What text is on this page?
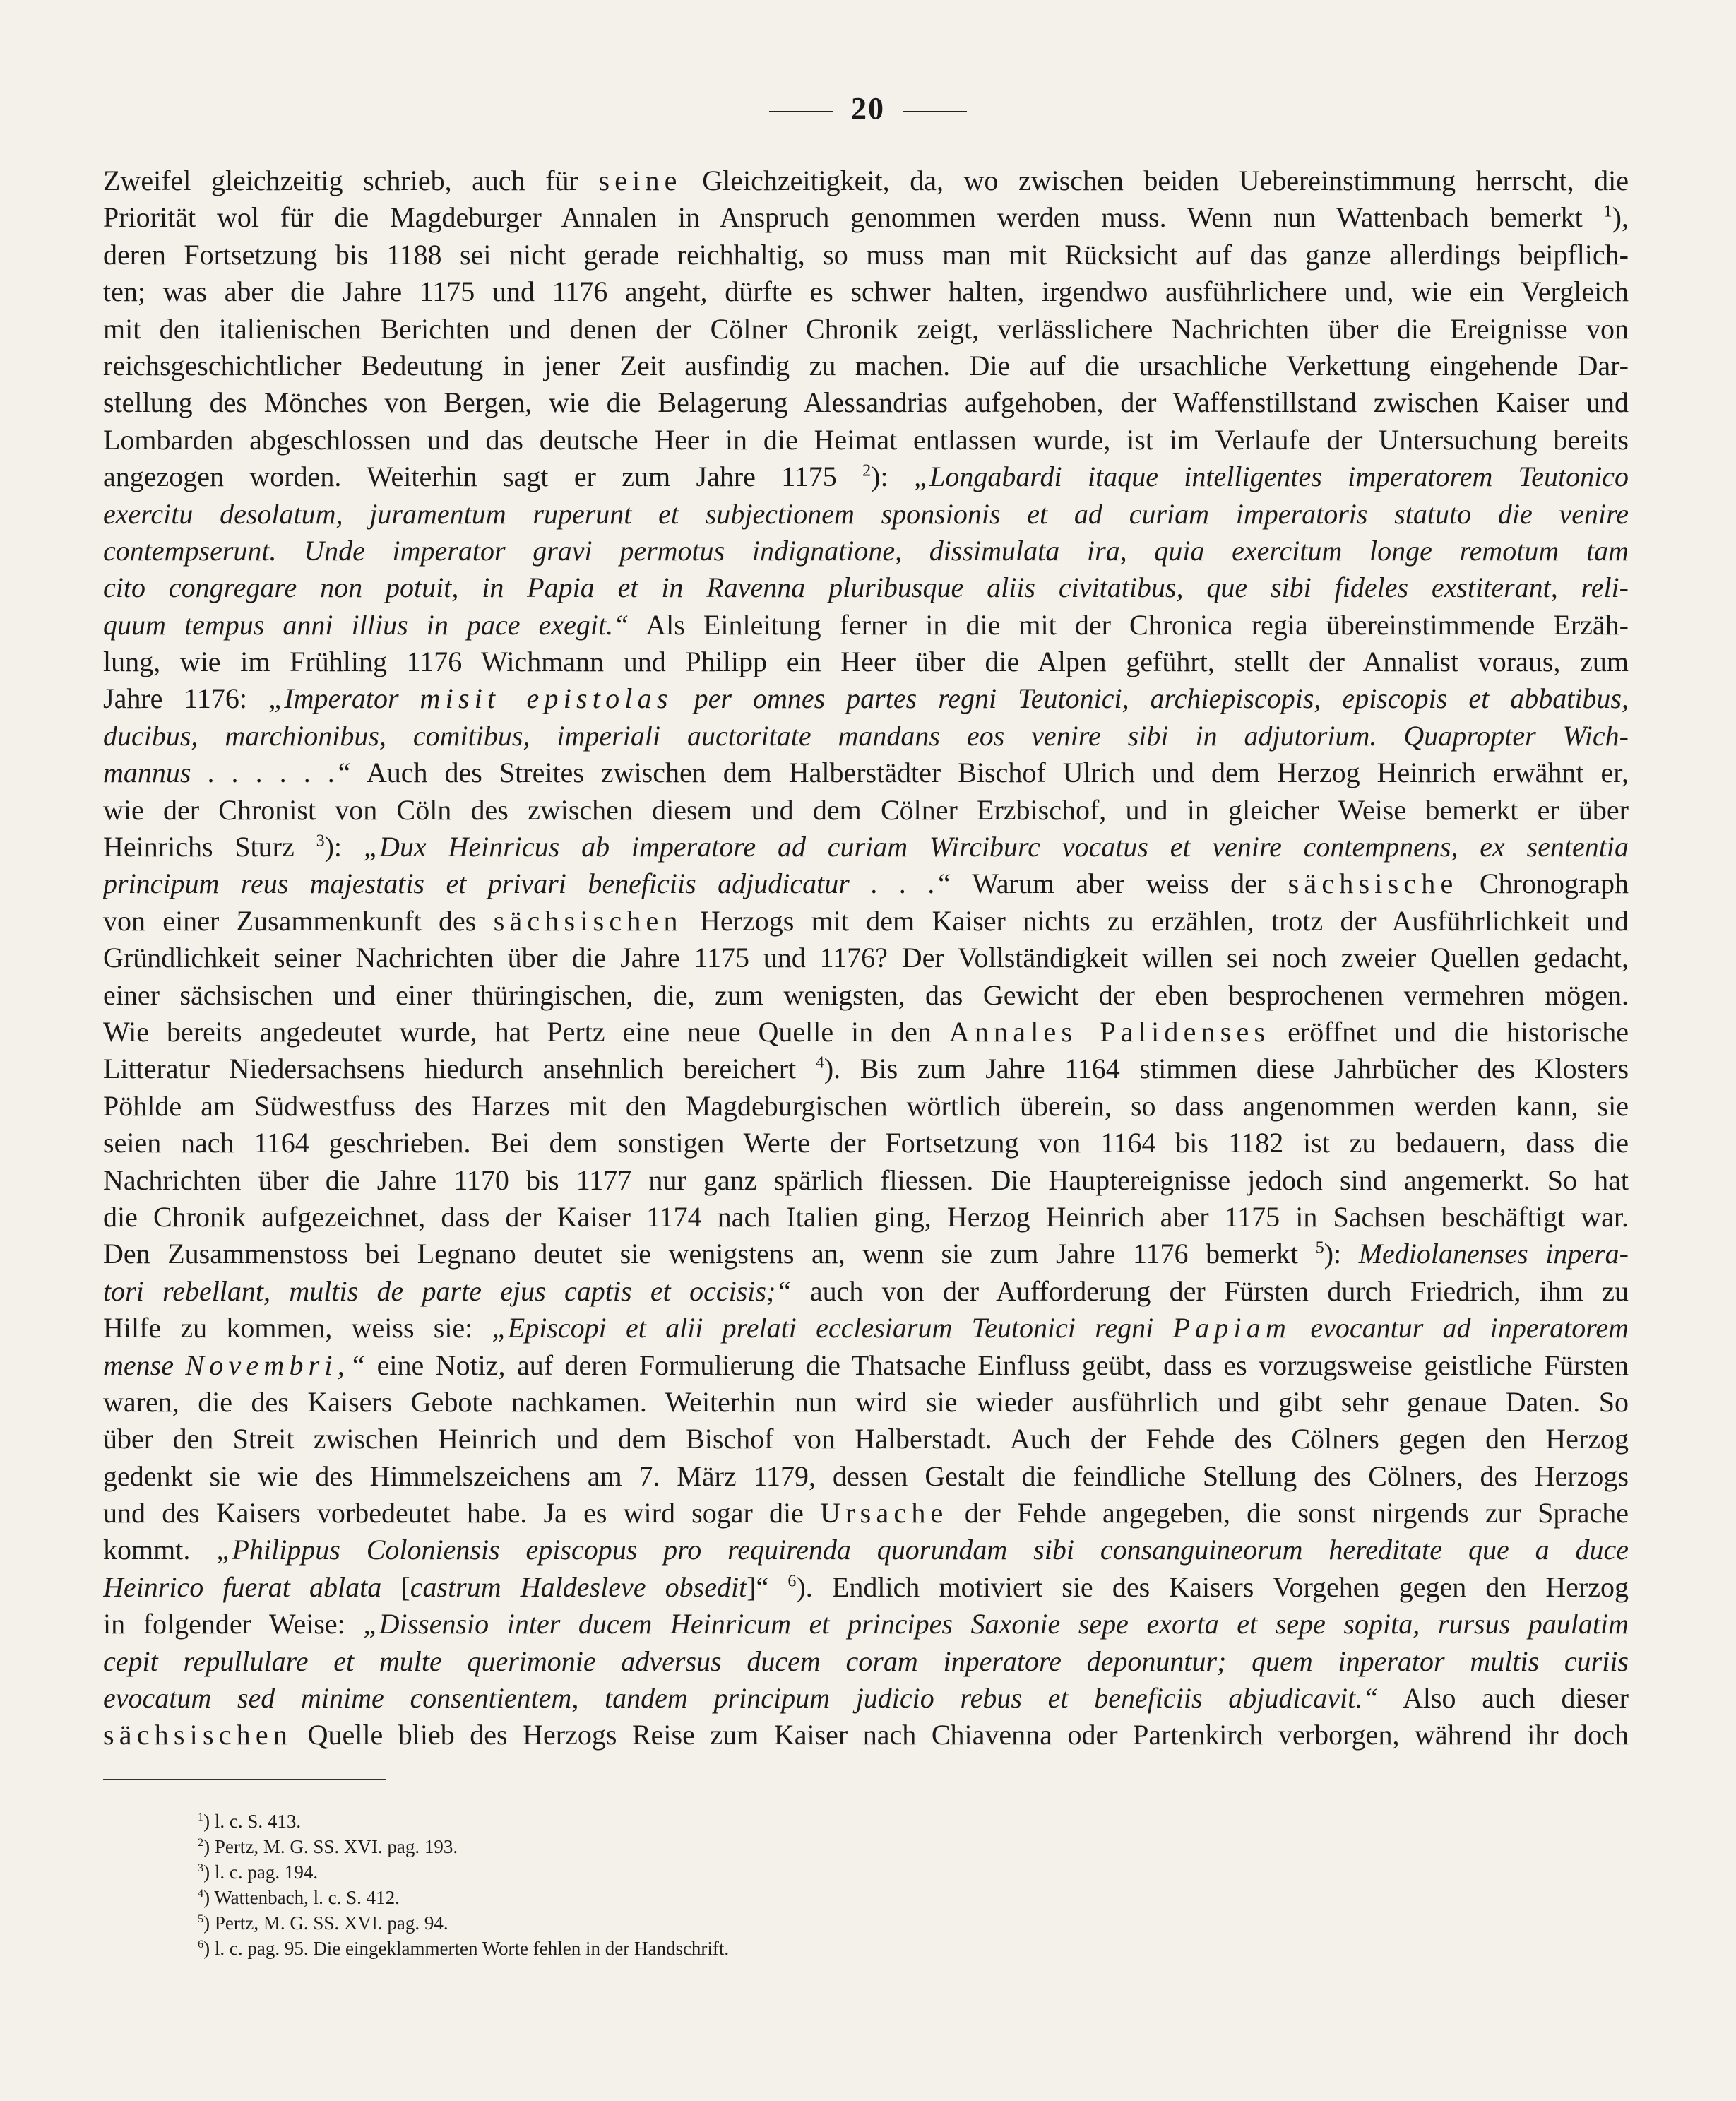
20
Zweifel gleichzeitig schrieb, auch für seine Gleichzeitigkeit, da, wo zwischen beiden Uebereinstimmung herrscht, die
Priorität wol für die Magdeburger Annalen in Anspruch genommen werden muss. Wenn nun Wattenbach bemerkt $^1$),
deren Fortsetzung bis 1188 sei nicht gerade reichhaltig, so muss man mit Rücksicht auf das ganze allerdings beipflich-
ten; was aber die Jahre 1175 und 1176 angeht, dürfte es schwer halten, irgendwo ausführlichere und, wie ein Vergleich
mit den italienischen Berichten und denen der Cölner Chronik zeigt, verlässlichere Nachrichten über die Ereignisse von
reichsgeschichtlicher Bedeutung in jener Zeit ausfindig zu machen. Die auf die ursachliche Verkettung eingehende Dar-
stellung des Mönches von Bergen, wie die Belagerung Alessandrias aufgehoben, der Waffenstillstand zwischen Kaiser und
Lombarden abgeschlossen und das deutsche Heer in die Heimat entlassen wurde, ist im Verlaufe der Untersuchung bereits
angezogen worden. Weiterhin sagt er zum Jahre 1175 $^2$): „Longabardi itaque intelligentes imperatorem Teutonico
exercitu desolatum, juramentum ruperunt et subjectionem sponsionis et ad curiam imperatoris statuto die venire
contempserunt. Unde imperator gravi permotus indignatione, dissimulata ira, quia exercitum longe remotum tam
cito congregare non potuit, in Papia et in Ravenna pluribusque aliis civitatibus, que sibi fideles exstiterant, reli-
quum tempus anni illius in pace exegit.“ Als Einleitung ferner in die mit der Chronica regia übereinstimmende Erzäh-
lung, wie im Frühling 1176 Wichmann und Philipp ein Heer über die Alpen geführt, stellt der Annalist voraus, zum
Jahre 1176: „Imperator misit epistolas per omnes partes regni Teutonici, archiepiscopis, episcopis et abbatibus,
ducibus, marchionibus, comitibus, imperiali auctoritate mandans eos venire sibi in adjutorium. Quapropter Wich-
mannus . . . . . .“ Auch des Streites zwischen dem Halberstädter Bischof Ulrich und dem Herzog Heinrich erwähnt er,
wie der Chronist von Cöln des zwischen diesem und dem Cölner Erzbischof, und in gleicher Weise bemerkt er über
Heinrichs Sturz $^3$): „Dux Heinricus ab imperatore ad curiam Wirciburc vocatus et venire contempnens, ex sententia
principum reus majestatis et privari beneficiis adjudicatur . . .“ Warum aber weiss der sächsische Chronograph
von einer Zusammenkunft des sächsischen Herzogs mit dem Kaiser nichts zu erzählen, trotz der Ausführlichkeit und
Gründlichkeit seiner Nachrichten über die Jahre 1175 und 1176? Der Vollständigkeit willen sei noch zweier Quellen gedacht,
einer sächsischen und einer thüringischen, die, zum wenigsten, das Gewicht der eben besprochenen vermehren mögen.
Wie bereits angedeutet wurde, hat Pertz eine neue Quelle in den Annales Palidenses eröffnet und die historische
Litteratur Niedersachsens hiedurch ansehnlich bereichert $^4$). Bis zum Jahre 1164 stimmen diese Jahrbücher des Klosters
Pöhlde am Südwestfuss des Harzes mit den Magdeburgischen wörtlich überein, so dass angenommen werden kann, sie
seien nach 1164 geschrieben. Bei dem sonstigen Werte der Fortsetzung von 1164 bis 1182 ist zu bedauern, dass die
Nachrichten über die Jahre 1170 bis 1177 nur ganz spärlich fliessen. Die Hauptereignisse jedoch sind angemerkt. So hat
die Chronik aufgezeichnet, dass der Kaiser 1174 nach Italien ging, Herzog Heinrich aber 1175 in Sachsen beschäftigt war.
Den Zusammenstoss bei Legnano deutet sie wenigstens an, wenn sie zum Jahre 1176 bemerkt $^5$): Mediolanenses inpera-
tori rebellant, multis de parte ejus captis et occisis;“ auch von der Aufforderung der Fürsten durch Friedrich, ihm zu
Hilfe zu kommen, weiss sie: „Episcopi et alii prelati ecclesiarum Teutonici regni Papiam evocantur ad inperatorem
mense Novembri,“ eine Notiz, auf deren Formulierung die Thatsache Einfluss geübt, dass es vorzugsweise geistliche Fürsten
waren, die des Kaisers Gebote nachkamen. Weiterhin nun wird sie wieder ausführlich und gibt sehr genaue Daten. So
über den Streit zwischen Heinrich und dem Bischof von Halberstadt. Auch der Fehde des Cölners gegen den Herzog
gedenkt sie wie des Himmelszeichens am 7. März 1179, dessen Gestalt die feindliche Stellung des Cölners, des Herzogs
und des Kaisers vorbedeutet habe. Ja es wird sogar die Ursache der Fehde angegeben, die sonst nirgends zur Sprache
kommt. „Philippus Coloniensis episcopus pro requirenda quorundam sibi consanguineorum hereditate que a duce
Heinrico fuerat ablata [castrum Haldesleve obsedit]“ $^6$). Endlich motiviert sie des Kaisers Vorgehen gegen den Herzog
in folgender Weise: „Dissensio inter ducem Heinricum et principes Saxonie sepe exorta et sepe sopita, rursus paulatim
cepit repullulare et multe querimonie adversus ducem coram inperatore deponuntur; quem inperator multis curiis
evocatum sed minime consentientem, tandem principum judicio rebus et beneficiis abjudicavit.“ Also auch dieser
sächsischen Quelle blieb des Herzogs Reise zum Kaiser nach Chiavenna oder Partenkirch verborgen, während ihr doch
$^1$) l. c. S. 413.
$^2$) Pertz, M. G. SS. XVI. pag. 193.
$^3$) l. c. pag. 194.
$^4$) Wattenbach, l. c. S. 412.
$^5$) Pertz, M. G. SS. XVI. pag. 94.
$^6$) l. c. pag. 95. Die eingeklammerten Worte fehlen in der Handschrift.
